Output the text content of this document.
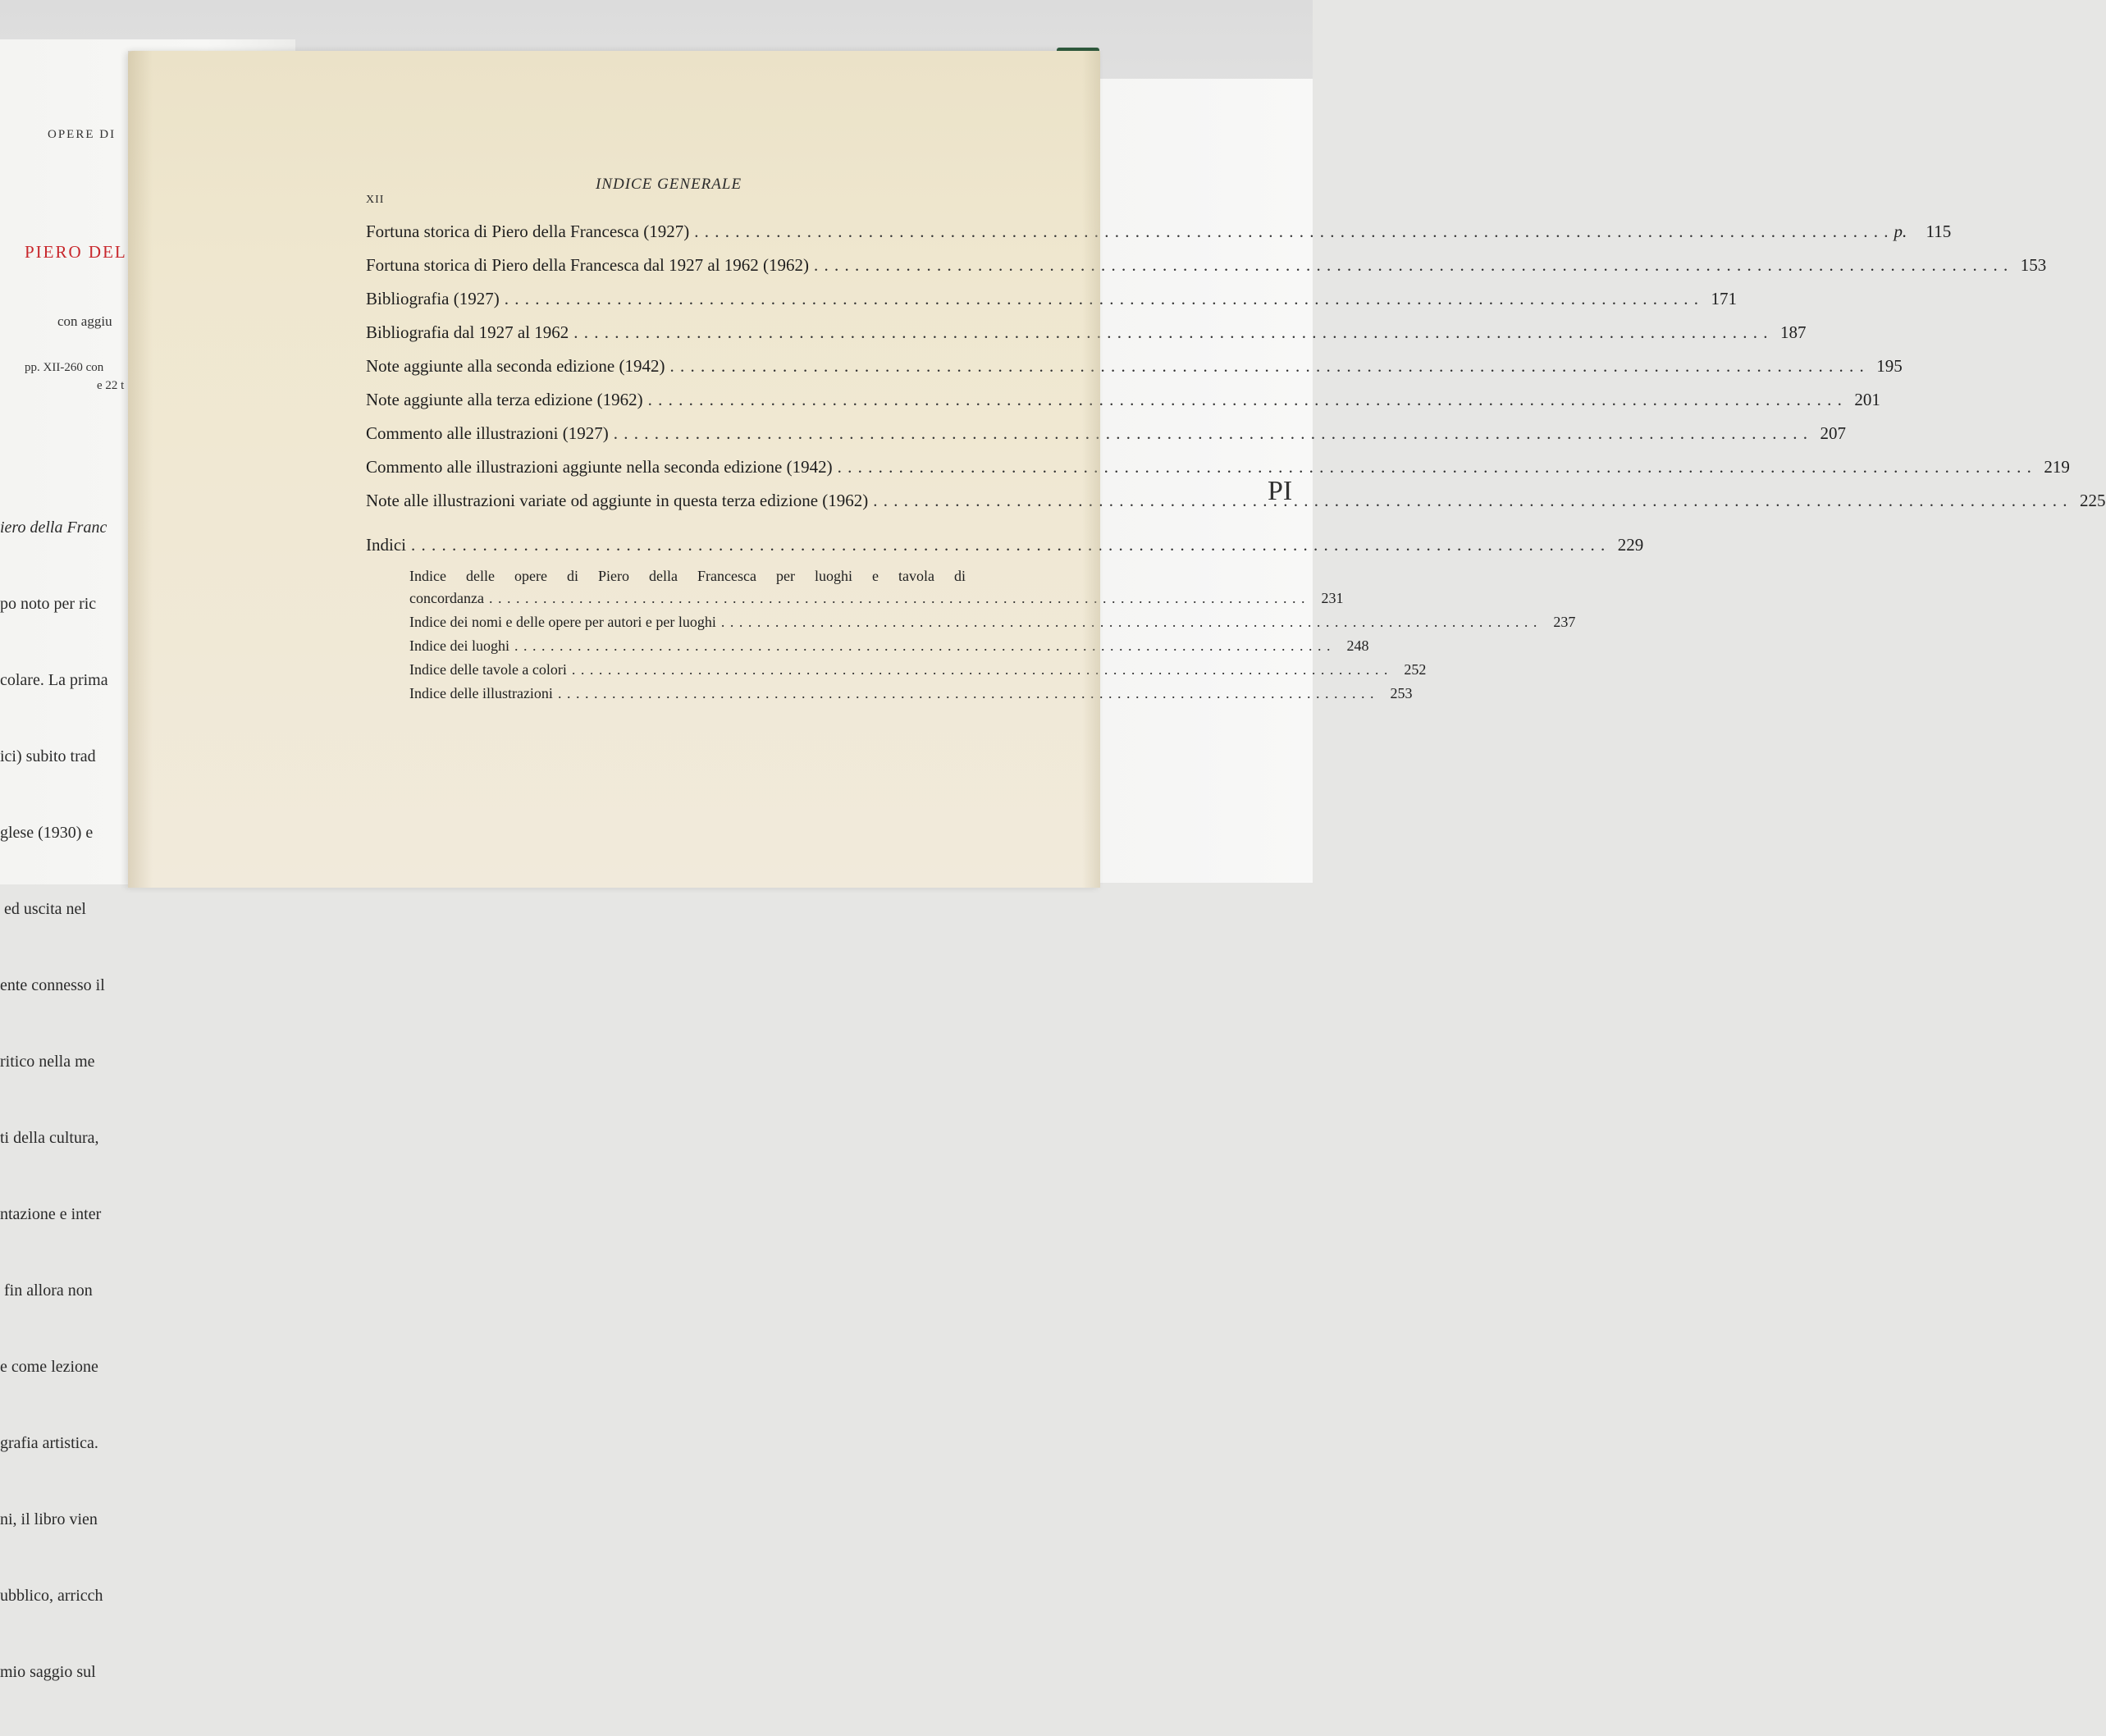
OPERE DI
PIERO DEL
con aggiu
pp. XII-260 con
e 22 t

iero della Franc

po noto per ric

colare. La prima

ici) subito trad

glese (1930) e

ed uscita nel

ente connesso il

ritico nella me

ti della cultura,

ntazione e inter

fin allora non

e come lezione

grafia artistica.

ni, il libro vien

ubblico, arricch

mio saggio sul

PI
XII
INDICE GENERALE
Fortuna storica di Piero della Francesca (1927) . . .	p.	115
Fortuna storica di Piero della Francesca dal 1927 al 1962 (1962) . . .	153
Bibliografia (1927) . . .	171
Bibliografia dal 1927 al 1962 . . .	187
Note aggiunte alla seconda edizione (1942) . . .	195
Note aggiunte alla terza edizione (1962) . . .	201
Commento alle illustrazioni (1927) . . .	207
Commento alle illustrazioni aggiunte nella seconda edizione (1942) . . .	219
Note alle illustrazioni variate od aggiunte in questa terza edizione (1962) . . .	225
Indici . . .	229
Indice delle opere di Piero della Francesca per luoghi e tavola di
concordanza . . .	231
Indice dei nomi e delle opere per autori e per luoghi . . .	237
Indice dei luoghi . . .	248
Indice delle tavole a colori . . .	252
Indice delle illustrazioni . . .	253
